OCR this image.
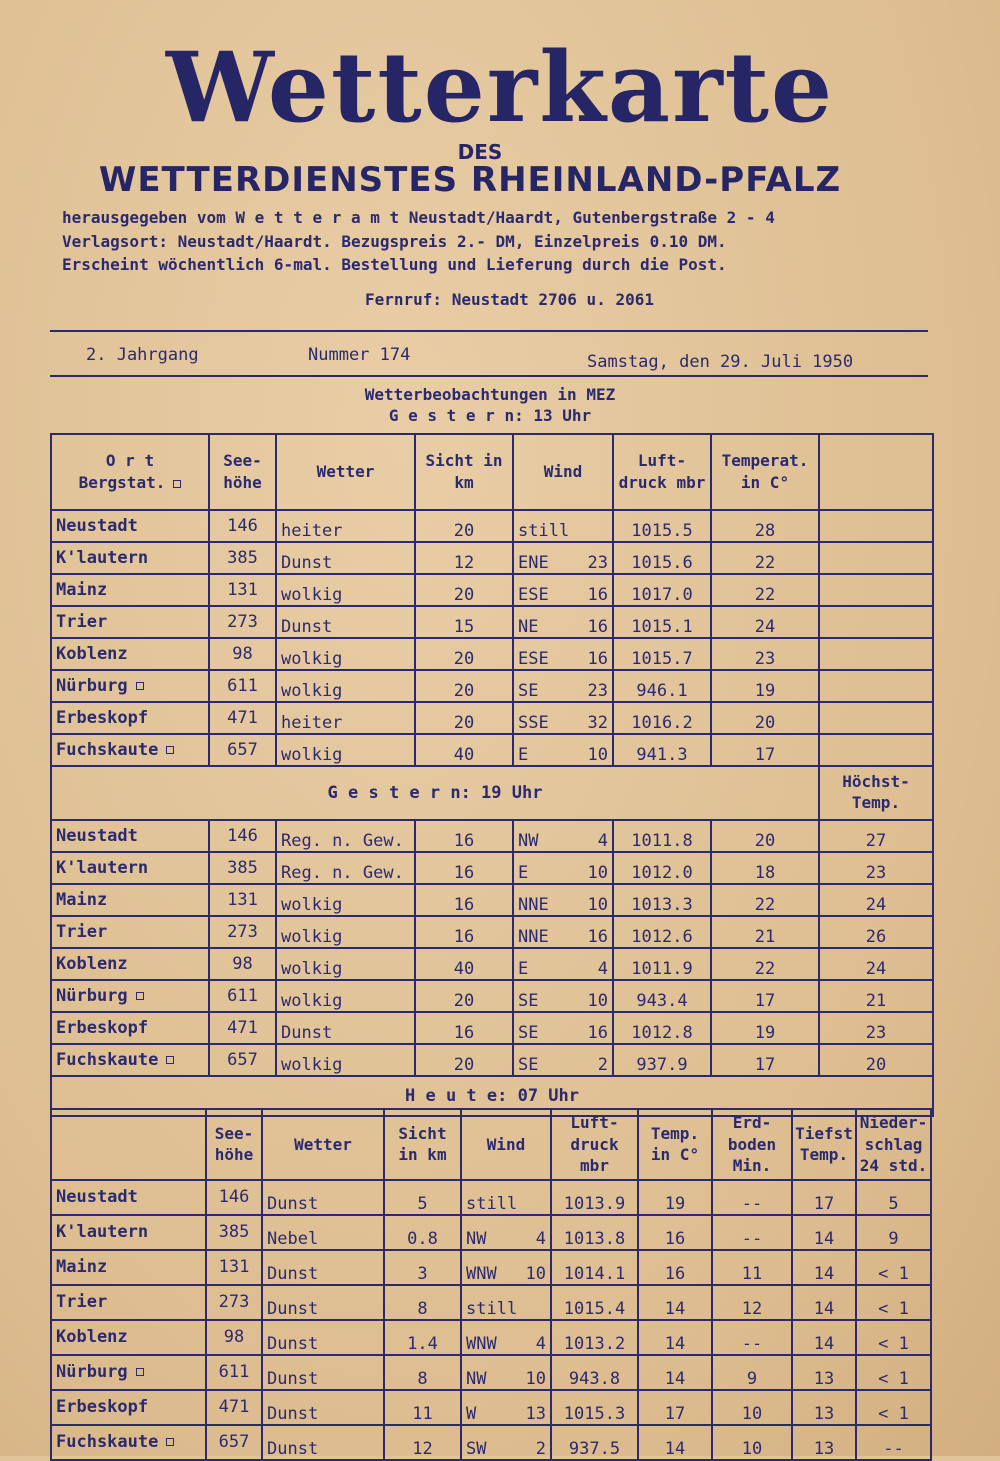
Wetterkarte
DES
WETTERDIENSTES RHEINLAND-PFALZ
herausgegeben vom W e t t e r a m t Neustadt/Haardt, Gutenbergstraße 2 - 4
Verlagsort: Neustadt/Haardt. Bezugspreis 2.- DM, Einzelpreis 0.10 DM.
Erscheint wöchentlich 6-mal. Bestellung und Lieferung durch die Post.
Fernruf: Neustadt 2706 u. 2061
2. Jahrgang	Nummer 174	Samstag, den 29. Juli 1950
Wetterbeobachtungen in MEZ
G e s t e r n: 13 Uhr
O r t
Bergstat.	See-höhe	Wetter	Sicht in km	Wind	Luft-druck mbr	Temperat. in C°	
Neustadt	146	heiter	20	still	1015.5	28	
K'lautern	385	Dunst	12	ENE 23	1015.6	22	
Mainz	131	wolkig	20	ESE 16	1017.0	22	
Trier	273	Dunst	15	NE 16	1015.1	24	
Koblenz	98	wolkig	20	ESE 16	1015.7	23	
Nürburg	611	wolkig	20	SE 23	946.1	19	
Erbeskopf	471	heiter	20	SSE 32	1016.2	20	
Fuchskaute	657	wolkig	40	E 10	941.3	17	
G e s t e r n: 19 Uhr							Höchst-Temp.
Neustadt	146	Reg. n. Gew.	16	NW 4	1011.8	20	27
K'lautern	385	Reg. n. Gew.	16	E 10	1012.0	18	23
Mainz	131	wolkig	16	NNE 10	1013.3	22	24
Trier	273	wolkig	16	NNE 16	1012.6	21	26
Koblenz	98	wolkig	40	E 4	1011.9	22	24
Nürburg	611	wolkig	20	SE 10	943.4	17	21
Erbeskopf	471	Dunst	16	SE 16	1012.8	19	23
Fuchskaute	657	wolkig	20	SE 2	937.9	17	20
H e u t e: 07 Uhr							
	See-höhe	Wetter	Sicht in km	Wind	Luft-druck mbr	Temp. in C°	Erd-boden Min.	Tiefst Temp.	Nieder-schlag 24 std.
Neustadt	146	Dunst	5	still	1013.9	19	--	17	5
K'lautern	385	Nebel	0.8	NW 4	1013.8	16	--	14	9
Mainz	131	Dunst	3	WNW 10	1014.1	16	11	14	< 1
Trier	273	Dunst	8	still	1015.4	14	12	14	< 1
Koblenz	98	Dunst	1.4	WNW 4	1013.2	14	--	14	< 1
Nürburg	611	Dunst	8	NW 10	943.8	14	9	13	< 1
Erbeskopf	471	Dunst	11	W 13	1015.3	17	10	13	< 1
Fuchskaute	657	Dunst	12	SW 2	937.5	14	10	13	--
